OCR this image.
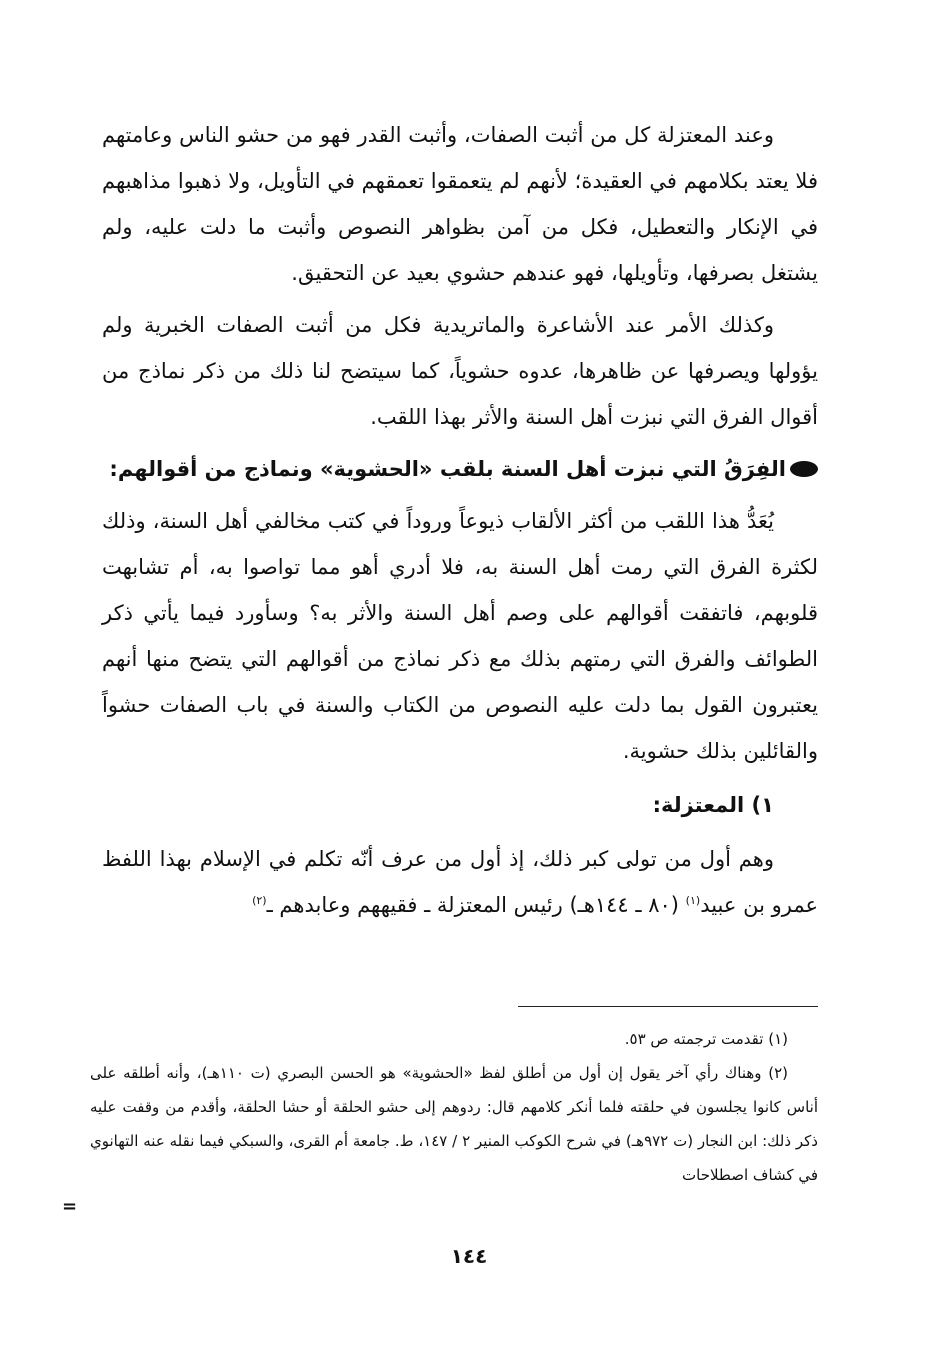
وعند المعتزلة كل من أثبت الصفات، وأثبت القدر فهو من حشو الناس وعامتهم فلا يعتد بكلامهم في العقيدة؛ لأنهم لم يتعمقوا تعمقهم في التأويل، ولا ذهبوا مذاهبهم في الإنكار والتعطيل، فكل من آمن بظواهر النصوص وأثبت ما دلت عليه، ولم يشتغل بصرفها، وتأويلها، فهو عندهم حشوي بعيد عن التحقيق.

وكذلك الأمر عند الأشاعرة والماتريدية فكل من أثبت الصفات الخبرية ولم يؤولها ويصرفها عن ظاهرها، عدوه حشوياً، كما سيتضح لنا ذلك من ذكر نماذج من أقوال الفرق التي نبزت أهل السنة والأثر بهذا اللقب.

الفِرَقُ التي نبزت أهل السنة بلقب «الحشوية» ونماذج من أقوالهم:

يُعَدُّ هذا اللقب من أكثر الألقاب ذيوعاً وروداً في كتب مخالفي أهل السنة، وذلك لكثرة الفرق التي رمت أهل السنة به، فلا أدري أهو مما تواصوا به، أم تشابهت قلوبهم، فاتفقت أقوالهم على وصم أهل السنة والأثر به؟ وسأورد فيما يأتي ذكر الطوائف والفرق التي رمتهم بذلك مع ذكر نماذج من أقوالهم التي يتضح منها أنهم يعتبرون القول بما دلت عليه النصوص من الكتاب والسنة في باب الصفات حشواً والقائلين بذلك حشوية.

١) المعتزلة:

وهم أول من تولى كبر ذلك، إذ أول من عرف أنّه تكلم في الإسلام بهذا اللفظ عمرو بن عبيد$^{(١)}$ (٨٠ ـ ١٤٤هـ) رئيس المعتزلة ـ فقيههم وعابدهم ـ$^{(٢)}$

(١) تقدمت ترجمته ص ٥٣.

(٢) وهناك رأي آخر يقول إن أول من أطلق لفظ «الحشوية» هو الحسن البصري (ت ١١٠هـ)، وأنه أطلقه على أناس كانوا يجلسون في حلقته فلما أنكر كلامهم قال: ردوهم إلى حشو الحلقة أو حشا الحلقة، وأقدم من وقفت عليه ذكر ذلك: ابن النجار (ت ٩٧٢هـ) في شرح الكوكب المنير ٢ / ١٤٧، ط. جامعة أم القرى، والسبكي فيما نقله عنه التهانوي في كشاف اصطلاحات

=
١٤٤
